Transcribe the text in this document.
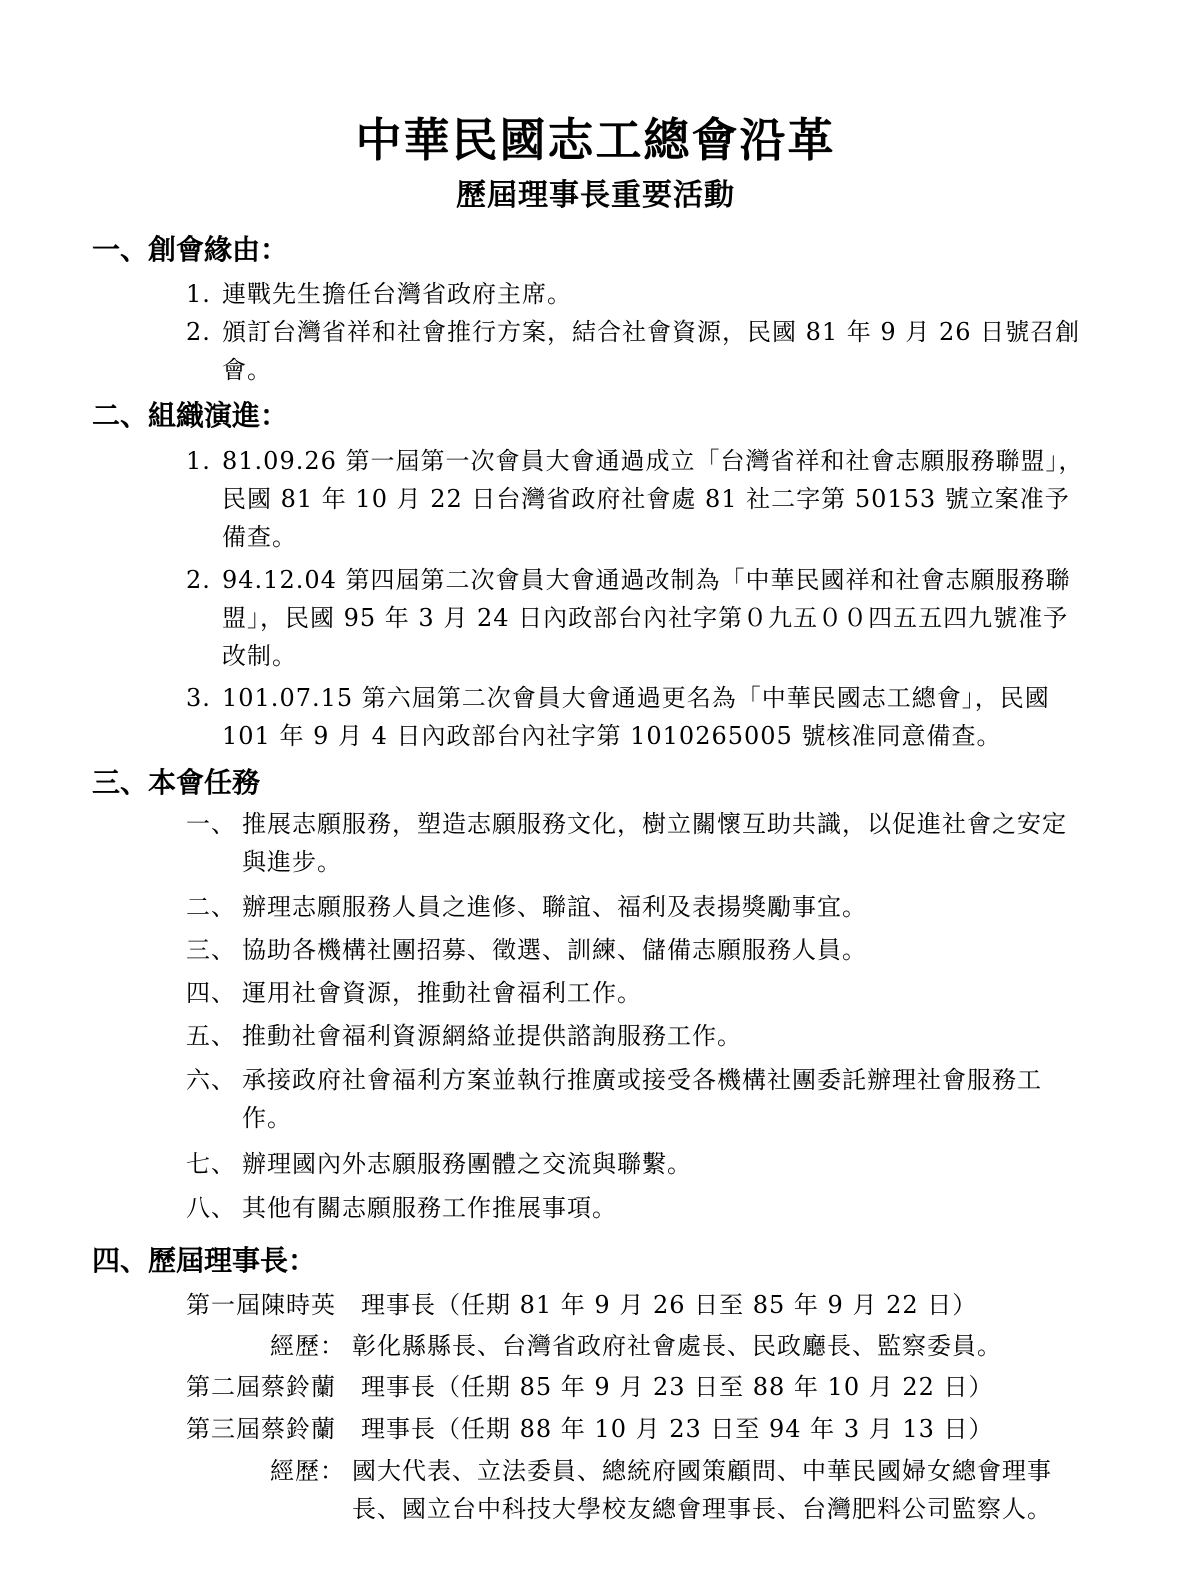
中華民國志工總會沿革
歷屆理事長重要活動
一、創會緣由：
1. 連戰先生擔任台灣省政府主席。
2. 頒訂台灣省祥和社會推行方案，結合社會資源，民國 81 年 9 月 26 日號召創會。
二、組織演進：
1. 81.09.26 第一屆第一次會員大會通過成立「台灣省祥和社會志願服務聯盟」，民國 81 年 10 月 22 日台灣省政府社會處 81 社二字第 50153 號立案准予備查。
2. 94.12.04 第四屆第二次會員大會通過改制為「中華民國祥和社會志願服務聯盟」，民國 95 年 3 月 24 日內政部台內社字第０九五００四五五四九號准予改制。
3. 101.07.15 第六屆第二次會員大會通過更名為「中華民國志工總會」，民國 101 年 9 月 4 日內政部台內社字第 1010265005 號核准同意備查。
三、本會任務
一、 推展志願服務，塑造志願服務文化，樹立關懷互助共識，以促進社會之安定與進步。
二、 辦理志願服務人員之進修、聯誼、福利及表揚獎勵事宜。
三、 協助各機構社團招募、徵選、訓練、儲備志願服務人員。
四、 運用社會資源，推動社會福利工作。
五、 推動社會福利資源網絡並提供諮詢服務工作。
六、 承接政府社會福利方案並執行推廣或接受各機構社團委託辦理社會服務工作。
七、 辦理國內外志願服務團體之交流與聯繫。
八、 其他有關志願服務工作推展事項。
四、歷屆理事長：
第一屆陳時英　理事長（任期 81 年 9 月 26 日至 85 年 9 月 22 日）
經歷： 彰化縣縣長、台灣省政府社會處長、民政廳長、監察委員。
第二屆蔡鈴蘭　理事長（任期 85 年 9 月 23 日至 88 年 10 月 22 日）
第三屆蔡鈴蘭　理事長（任期 88 年 10 月 23 日至 94 年 3 月 13 日）
經歷： 國大代表、立法委員、總統府國策顧問、中華民國婦女總會理事長、國立台中科技大學校友總會理事長、台灣肥料公司監察人。
